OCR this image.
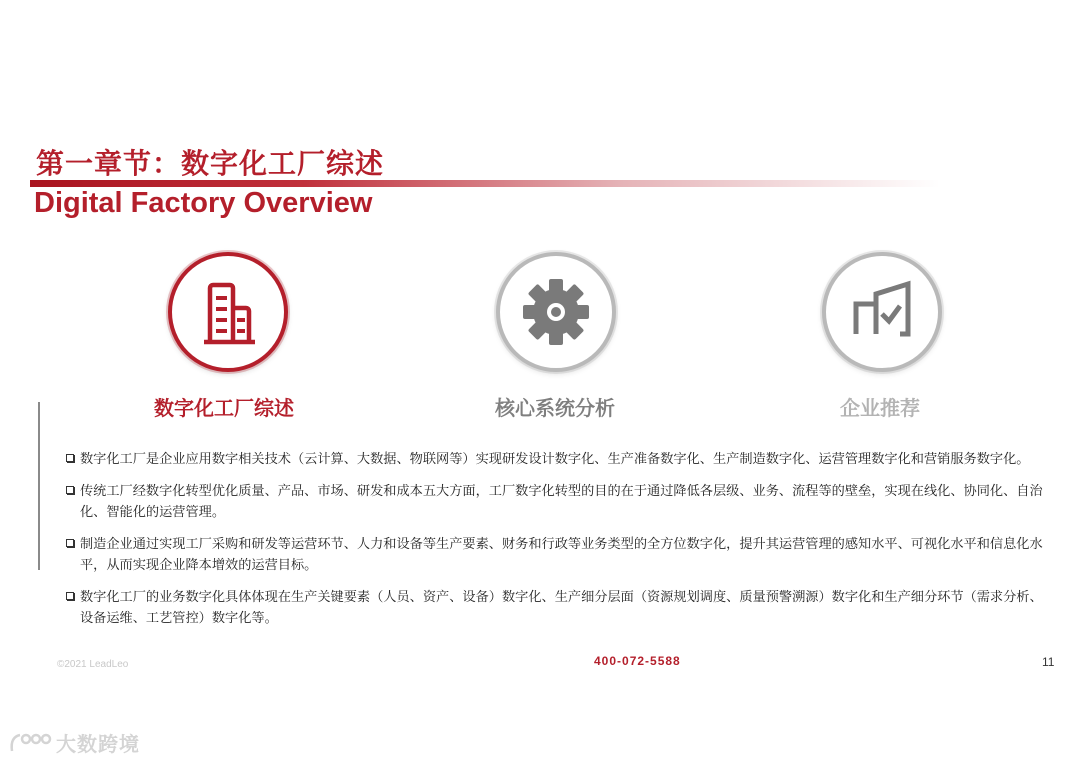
第一章节：数字化工厂综述
Digital Factory Overview
数字化工厂综述	核心系统分析	企业推荐
数字化工厂是企业应用数字相关技术（云计算、大数据、物联网等）实现研发设计数字化、生产准备数字化、生产制造数字化、运营管理数字化和营销服务数字化。
传统工厂经数字化转型优化质量、产品、市场、研发和成本五大方面，工厂数字化转型的目的在于通过降低各层级、业务、流程等的壁垒，实现在线化、协同化、自治化、智能化的运营管理。
制造企业通过实现工厂采购和研发等运营环节、人力和设备等生产要素、财务和行政等业务类型的全方位数字化，提升其运营管理的感知水平、可视化水平和信息化水平，从而实现企业降本增效的运营目标。
数字化工厂的业务数字化具体体现在生产关键要素（人员、资产、设备）数字化、生产细分层面（资源规划调度、质量预警溯源）数字化和生产细分环节（需求分析、设备运维、工艺管控）数字化等。
©2021 LeadLeo	400-072-5588	11
大数跨境
